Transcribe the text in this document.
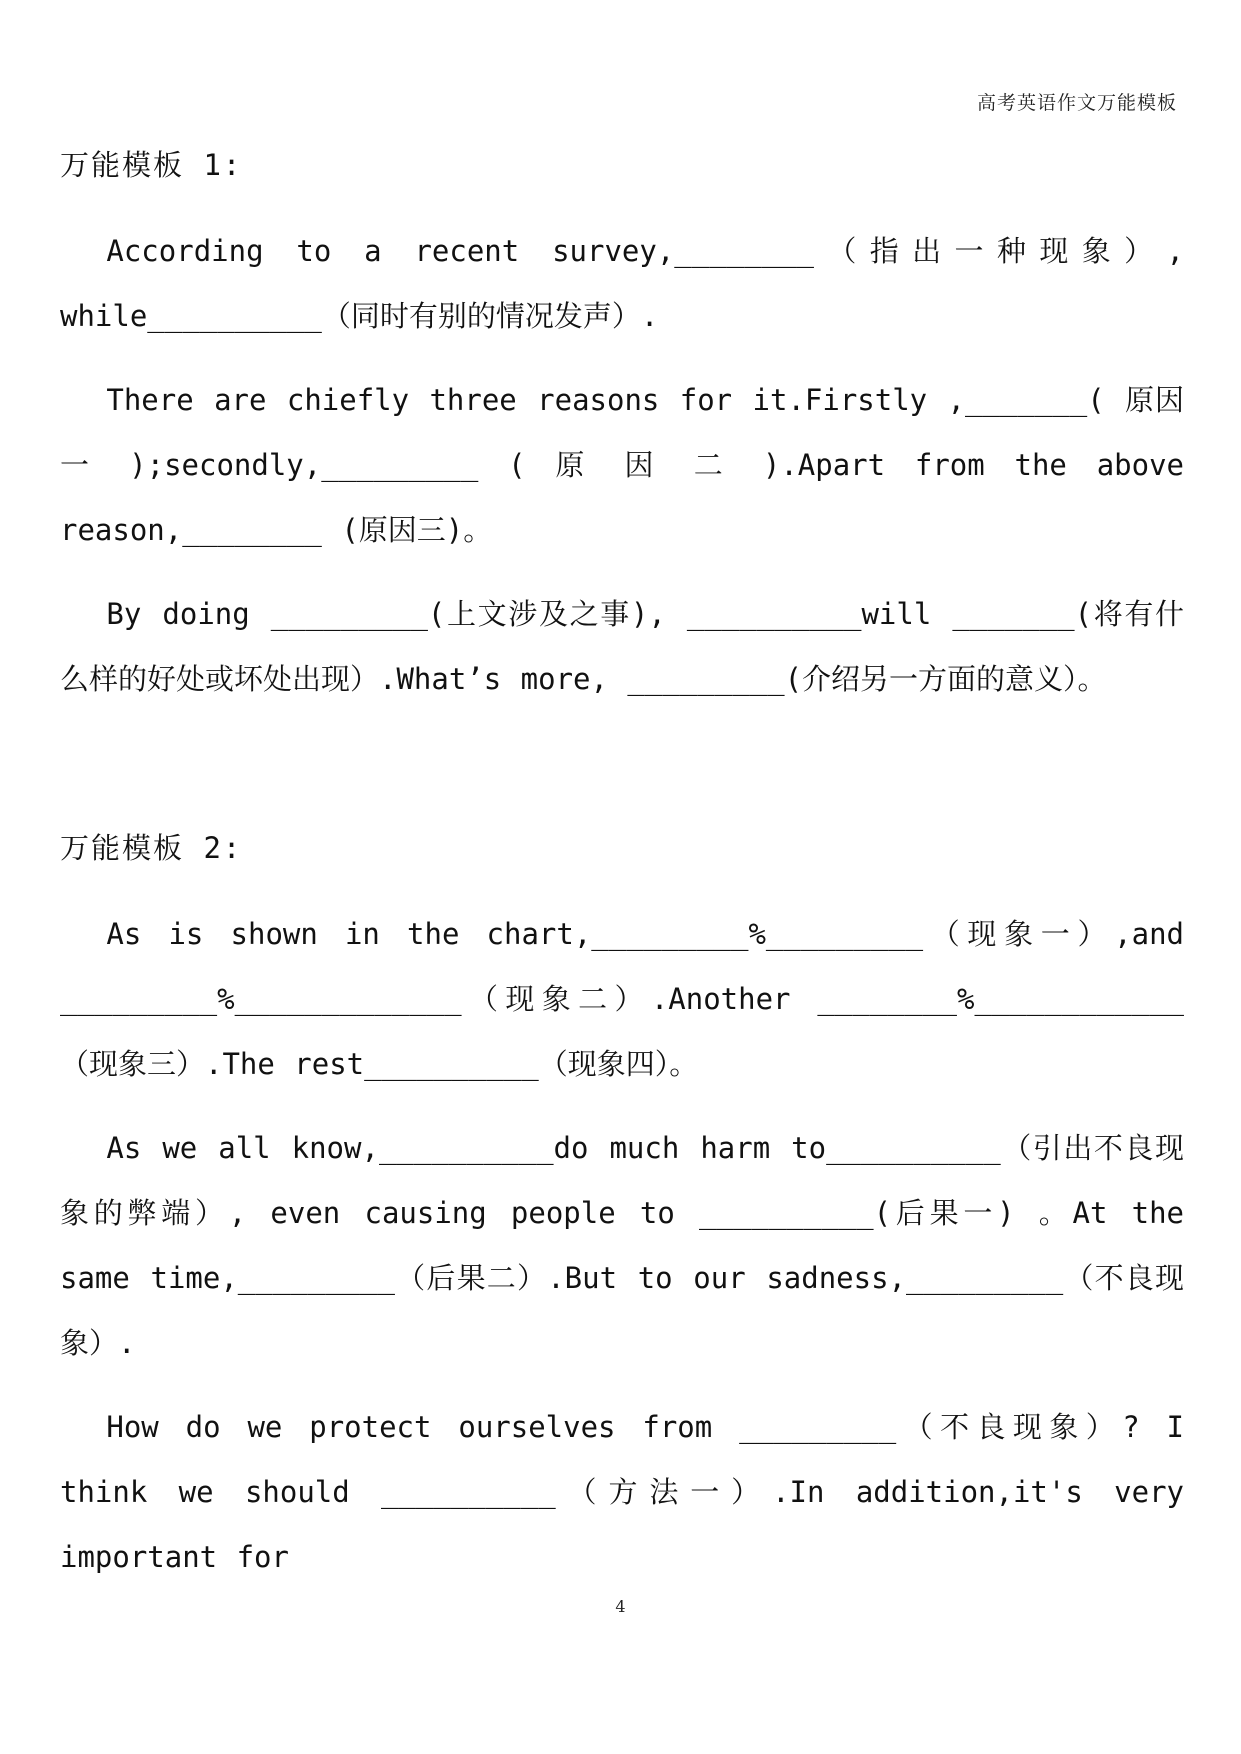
高考英语作文万能模板
万能模板 1:

According to a recent survey,________（指出一种现象）, while__________（同时有别的情况发声）.

There are chiefly three reasons for it.Firstly ,_______( 原因一 );secondly,_________ ( 原 因 二 ).Apart from the above reason,________ (原因三)。

By doing _________(上文涉及之事), __________will _______(将有什么样的好处或坏处出现）.What’s more, _________(介绍另一方面的意义）。

万能模板 2:

As is shown in the chart,_________%_________（现象一）,and _________%_____________（现象二）.Another ________%____________ （现象三）.The rest__________（现象四）。

As we all know,__________do much harm to__________（引出不良现象的弊端）, even causing people to __________(后果一) 。At the same time,_________（后果二）.But to our sadness,_________（不良现象）.

How do we protect ourselves from _________（不良现象）? I think we should __________（方法一）.In addition,it's very important for

4
